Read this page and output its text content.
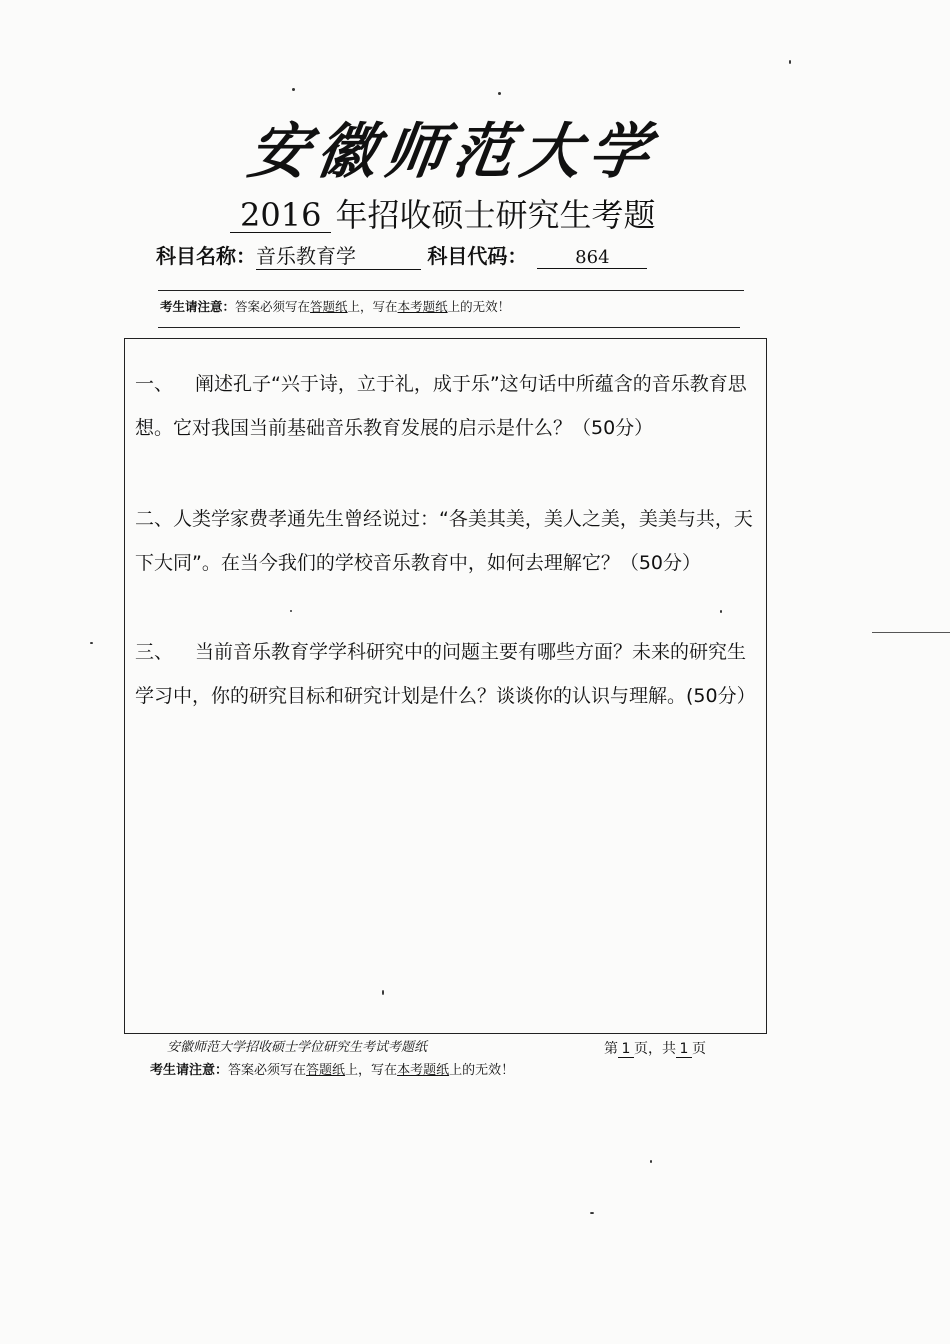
安徽师范大学
2016 年招收硕士研究生考题
科目名称：音乐教育学	科目代码：	864
考生请注意：答案必须写在答题纸上，写在本考题纸上的无效！
一、 阐述孔子“兴于诗，立于礼，成于乐”这句话中所蕴含的音乐教育思想。它对我国当前基础音乐教育发展的启示是什么？（50分）
二、人类学家费孝通先生曾经说过：“各美其美，美人之美，美美与共，天下大同”。在当今我们的学校音乐教育中，如何去理解它？（50分）
三、 当前音乐教育学学科研究中的问题主要有哪些方面？未来的研究生学习中，你的研究目标和研究计划是什么？谈谈你的认识与理解。(50分）
安徽师范大学招收硕士学位研究生考试考题纸	第 1 页，共 1 页
考生请注意：答案必须写在答题纸上，写在本考题纸上的无效！
